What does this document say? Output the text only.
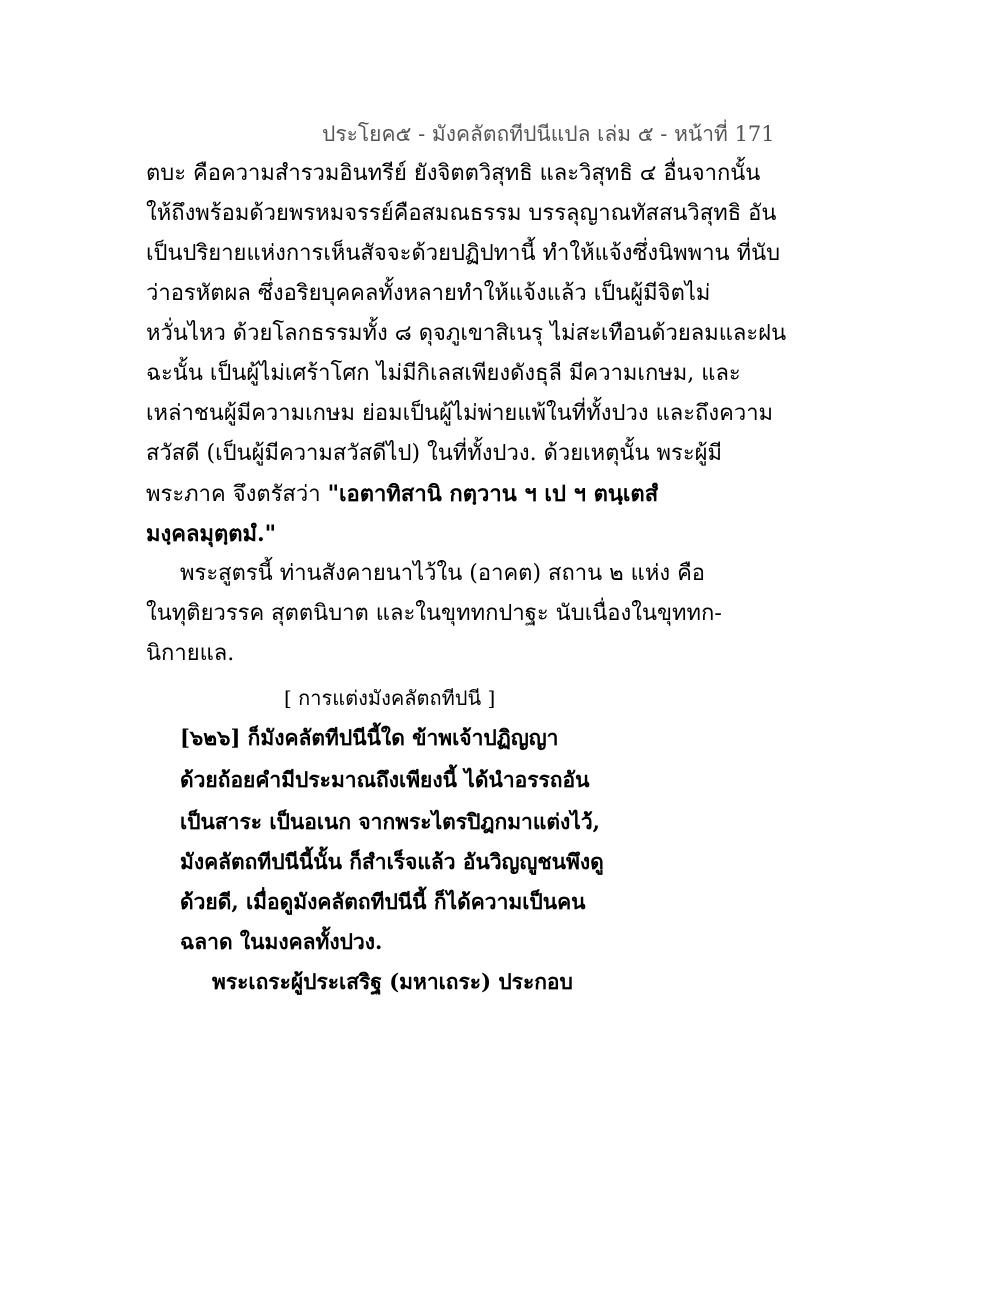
ประโยค๕ - มังคลัตถทีปนีแปล เล่ม ๕ - หน้าที่ 171
ตบะ คือความสำรวมอินทรีย์ ยังจิตตวิสุทธิ และวิสุทธิ ๔ อื่นจากนั้น
ให้ถึงพร้อมด้วยพรหมจรรย์คือสมณธรรม บรรลุญาณทัสสนวิสุทธิ อัน
เป็นปริยายแห่งการเห็นสัจจะด้วยปฏิปทานี้ ทำให้แจ้งซึ่งนิพพาน ที่นับ
ว่าอรหัตผล ซึ่งอริยบุคคลทั้งหลายทำให้แจ้งแล้ว เป็นผู้มีจิตไม่
หวั่นไหว ด้วยโลกธรรมทั้ง ๘ ดุจภูเขาสิเนรุ ไม่สะเทือนด้วยลมและฝน
ฉะนั้น เป็นผู้ไม่เศร้าโศก ไม่มีกิเลสเพียงดังธุลี มีความเกษม, และ
เหล่าชนผู้มีความเกษม ย่อมเป็นผู้ไม่พ่ายแพ้ในที่ทั้งปวง และถึงความ
สวัสดี (เป็นผู้มีความสวัสดีไป) ในที่ทั้งปวง. ด้วยเหตุนั้น พระผู้มี
พระภาค จึงตรัสว่า "เอตาทิสานิ กตฺวาน ฯ เป ฯ ตนฺเตสํ
มงฺคลมุตฺตมํ."
พระสูตรนี้ ท่านสังคายนาไว้ใน (อาคต) สถาน ๒ แห่ง คือ
ในทุติยวรรค สุตตนิบาต และในขุททกปาฐะ นับเนื่องในขุททก-
นิกายแล.
[ การแต่งมังคลัตถทีปนี ]
[๖๒๖] ก็มังคลัตทีปนีนี้ใด ข้าพเจ้าปฏิญญา
ด้วยถ้อยคำมีประมาณถึงเพียงนี้ ได้นำอรรถอัน
เป็นสาระ เป็นอเนก จากพระไตรปิฎกมาแต่งไว้,
มังคลัตถทีปนีนี้นั้น ก็สำเร็จแล้ว อันวิญญูชนพึงดู
ด้วยดี, เมื่อดูมังคลัตถทีปนีนี้ ก็ได้ความเป็นคน
ฉลาด ในมงคลทั้งปวง.
พระเถระผู้ประเสริฐ (มหาเถระ) ประกอบ
